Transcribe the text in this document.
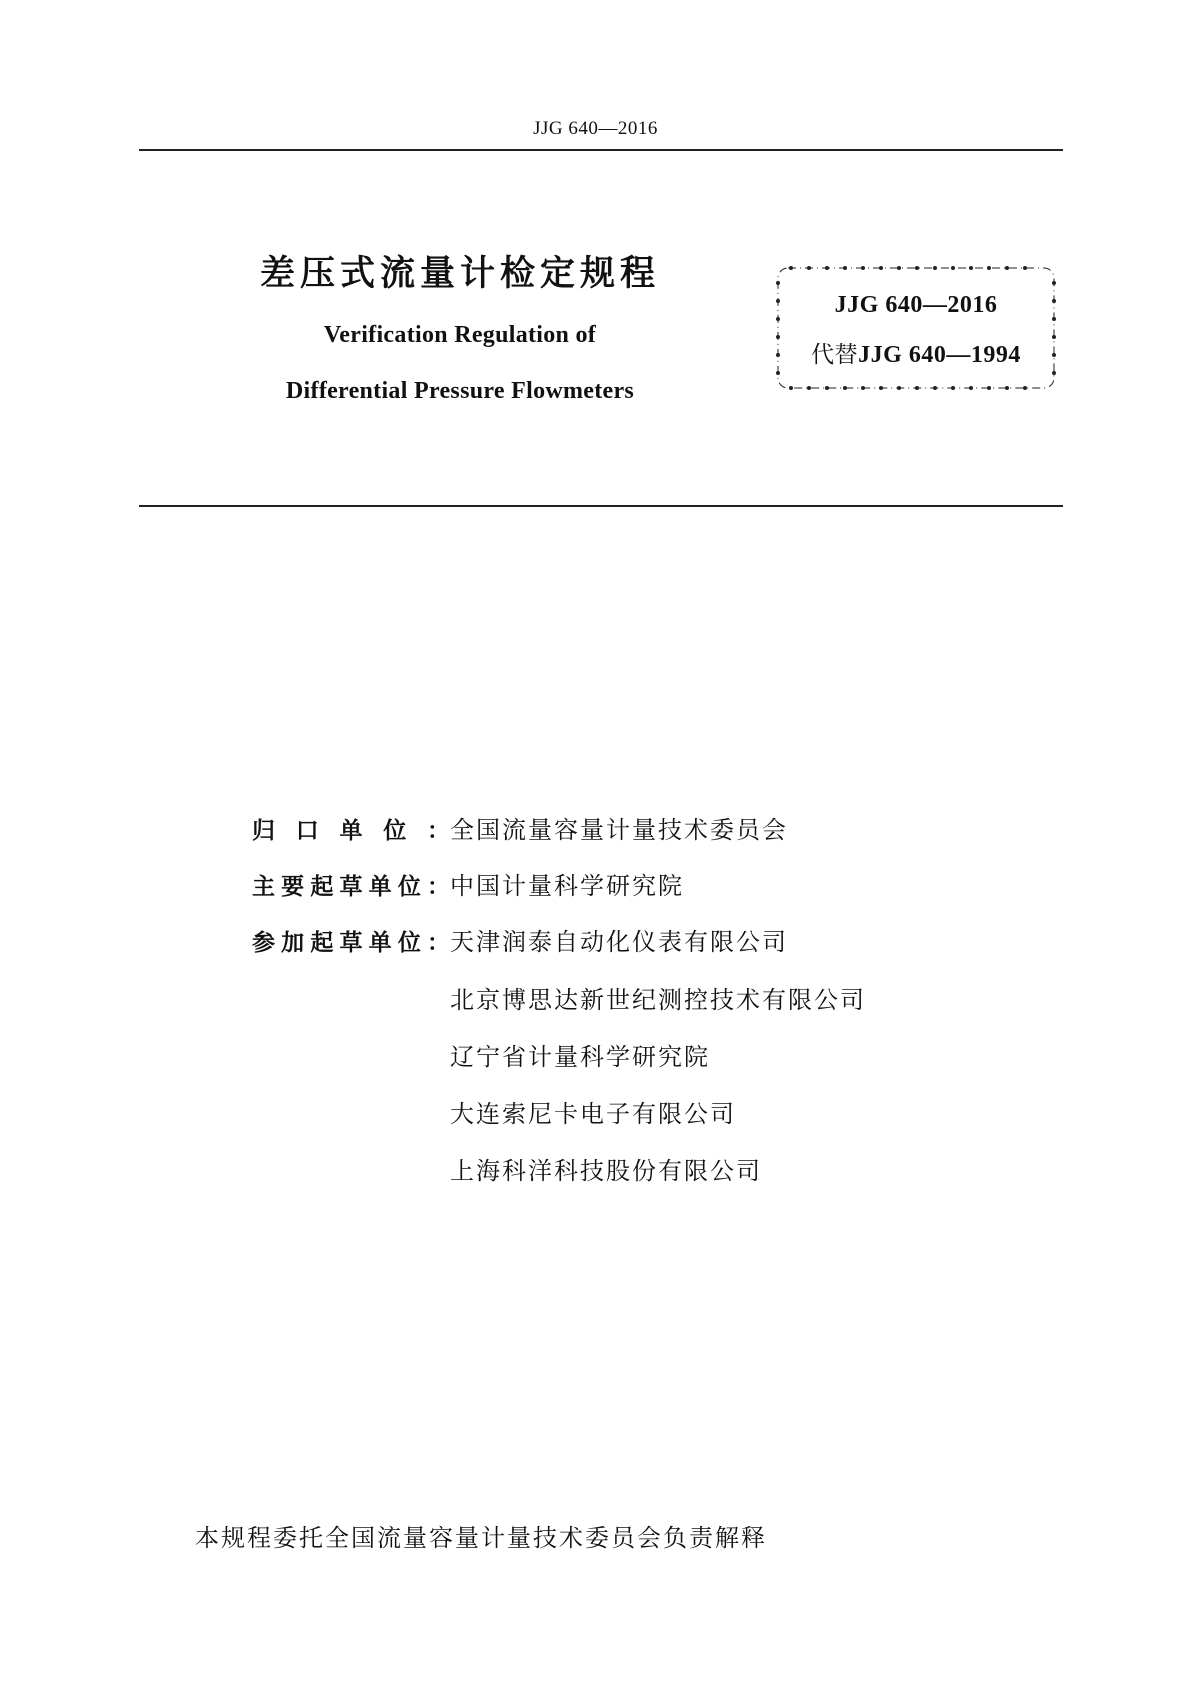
JJG 640—2016
差压式流量计检定规程
Verification Regulation of
Differential Pressure Flowmeters
JJG 640—2016
代替JJG 640—1994
归口单位： 全国流量容量计量技术委员会
主要起草单位： 中国计量科学研究院
参加起草单位： 天津润泰自动化仪表有限公司
北京博思达新世纪测控技术有限公司
辽宁省计量科学研究院
大连索尼卡电子有限公司
上海科洋科技股份有限公司
本规程委托全国流量容量计量技术委员会负责解释
